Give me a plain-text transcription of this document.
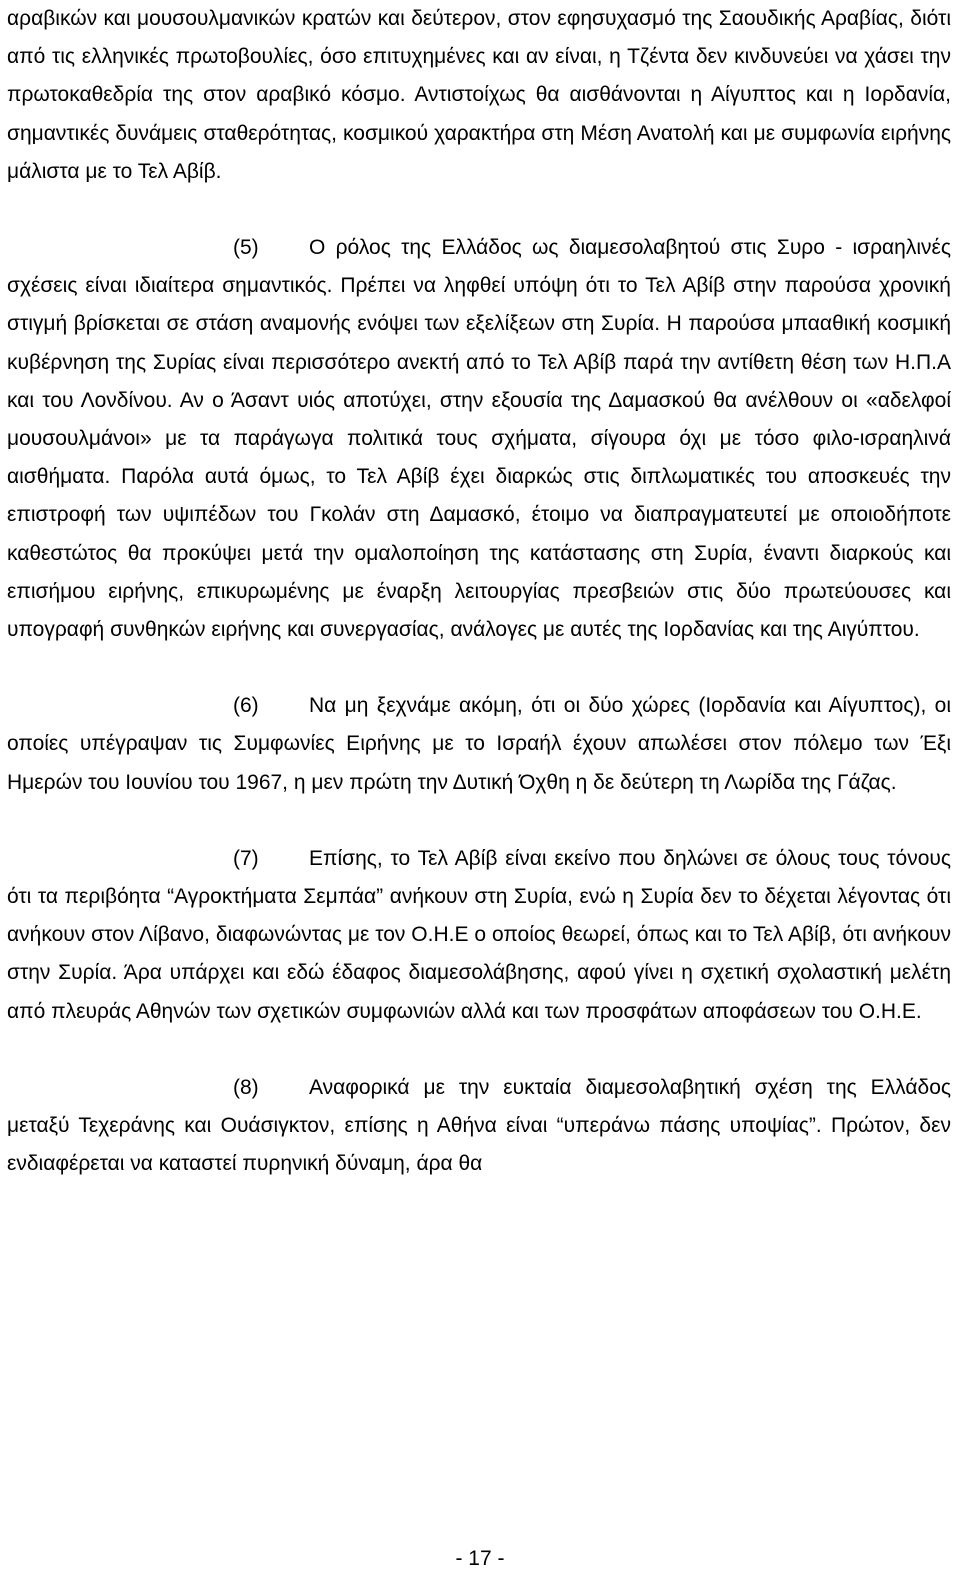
αραβικών και μουσουλμανικών κρατών και δεύτερον, στον εφησυχασμό της Σαουδικής Αραβίας, διότι από τις ελληνικές πρωτοβουλίες, όσο επιτυχημένες και αν είναι, η Τζέντα δεν κινδυνεύει να χάσει την πρωτοκαθεδρία της στον αραβικό κόσμο. Αντιστοίχως θα αισθάνονται η Αίγυπτος και η Ιορδανία, σημαντικές δυνάμεις σταθερότητας, κοσμικού χαρακτήρα στη Μέση Ανατολή και με συμφωνία ειρήνης μάλιστα με το Τελ Αβίβ.

(5) Ο ρόλος της Ελλάδος ως διαμεσολαβητού στις Συρο - ισραηλινές σχέσεις είναι ιδιαίτερα σημαντικός. Πρέπει να ληφθεί υπόψη ότι το Τελ Αβίβ στην παρούσα χρονική στιγμή βρίσκεται σε στάση αναμονής ενόψει των εξελίξεων στη Συρία. Η παρούσα μπααθική κοσμική κυβέρνηση της Συρίας είναι περισσότερο ανεκτή από το Τελ Αβίβ παρά την αντίθετη θέση των Η.Π.Α και του Λονδίνου. Αν ο Άσαντ υιός αποτύχει, στην εξουσία της Δαμασκού θα ανέλθουν οι «αδελφοί μουσουλμάνοι» με τα παράγωγα πολιτικά τους σχήματα, σίγουρα όχι με τόσο φιλο-ισραηλινά αισθήματα. Παρόλα αυτά όμως, το Τελ Αβίβ έχει διαρκώς στις διπλωματικές του αποσκευές την επιστροφή των υψιπέδων του Γκολάν στη Δαμασκό, έτοιμο να διαπραγματευτεί με οποιοδήποτε καθεστώτος θα προκύψει μετά την ομαλοποίηση της κατάστασης στη Συρία, έναντι διαρκούς και επισήμου ειρήνης, επικυρωμένης με έναρξη λειτουργίας πρεσβειών στις δύο πρωτεύουσες και υπογραφή συνθηκών ειρήνης και συνεργασίας, ανάλογες με αυτές της Ιορδανίας και της Αιγύπτου.

(6) Να μη ξεχνάμε ακόμη, ότι οι δύο χώρες (Ιορδανία και Αίγυπτος), οι οποίες υπέγραψαν τις Συμφωνίες Ειρήνης με το Ισραήλ έχουν απωλέσει στον πόλεμο των Έξι Ημερών του Ιουνίου του 1967, η μεν πρώτη την Δυτική Όχθη η δε δεύτερη τη Λωρίδα της Γάζας.

(7) Επίσης, το Τελ Αβίβ είναι εκείνο που δηλώνει σε όλους τους τόνους ότι τα περιβόητα “Αγροκτήματα Σεμπάα” ανήκουν στη Συρία, ενώ η Συρία δεν το δέχεται λέγοντας ότι ανήκουν στον Λίβανο, διαφωνώντας με τον Ο.Η.Ε ο οποίος θεωρεί, όπως και το Τελ Αβίβ, ότι ανήκουν στην Συρία. Άρα υπάρχει και εδώ έδαφος διαμεσολάβησης, αφού γίνει η σχετική σχολαστική μελέτη από πλευράς Αθηνών των σχετικών συμφωνιών αλλά και των προσφάτων αποφάσεων του Ο.Η.Ε.

(8) Αναφορικά με την ευκταία διαμεσολαβητική σχέση της Ελλάδος μεταξύ Τεχεράνης και Ουάσιγκτον, επίσης η Αθήνα είναι “υπεράνω πάσης υποψίας”. Πρώτον, δεν ενδιαφέρεται να καταστεί πυρηνική δύναμη, άρα θα

- 17 -
